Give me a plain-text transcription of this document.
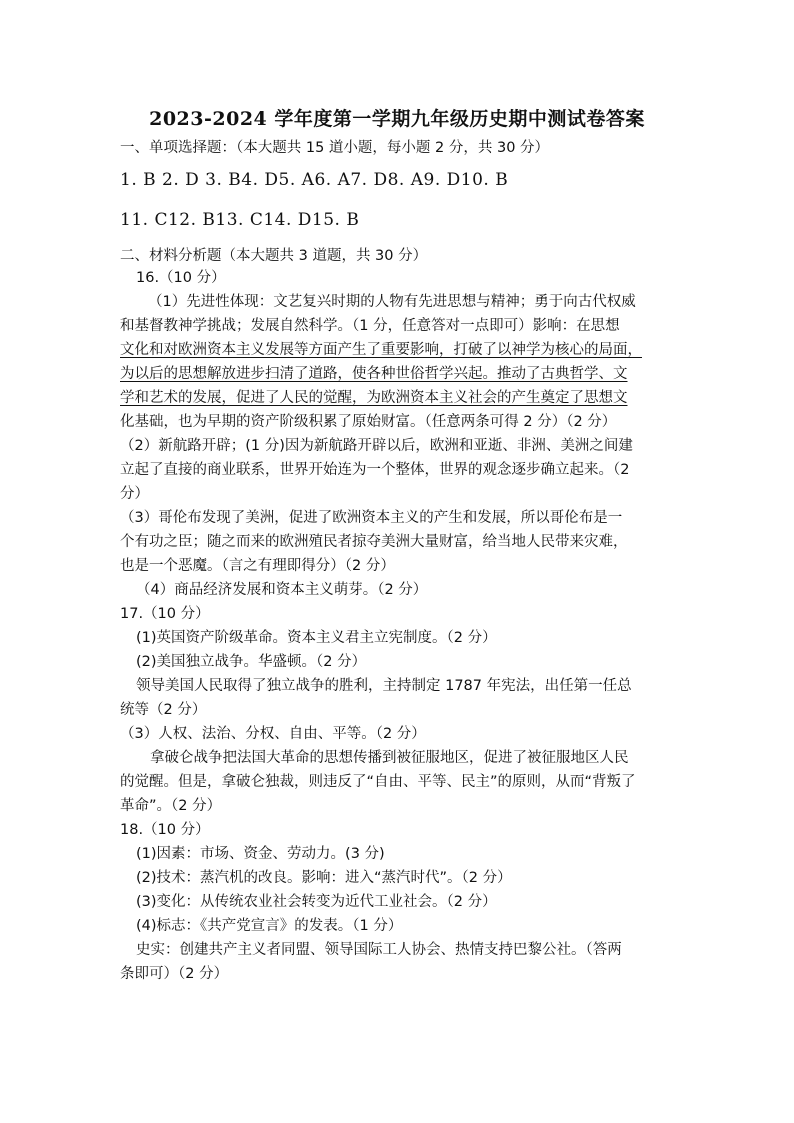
2023-2024 学年度第一学期九年级历史期中测试卷答案
一、单项选择题：（本大题共 15 道小题，每小题 2 分，共 30 分）
1. B 2. D 3. B4. D5. A6. A7. D8. A9. D10. B
11. C12. B13. C14. D15. B
二、材料分析题（本大题共 3 道题，共 30 分）
16.（10 分）
（1）先进性体现：文艺复兴时期的人物有先进思想与精神；勇于向古代权威
和基督教神学挑战；发展自然科学。（1 分，任意答对一点即可）影响：在思想
文化和对欧洲资本主义发展等方面产生了重要影响，打破了以神学为核心的局面，
为以后的思想解放进步扫清了道路，使各种世俗哲学兴起。推动了古典哲学、文
学和艺术的发展，促进了人民的觉醒，为欧洲资本主义社会的产生奠定了思想文
化基础，也为早期的资产阶级积累了原始财富。（任意两条可得 2 分）（2 分）
（2）新航路开辟；(1 分)因为新航路开辟以后，欧洲和亚逝、非洲、美洲之间建
立起了直接的商业联系，世界开始连为一个整体，世界的观念逐步确立起来。（2
分）
（3）哥伦布发现了美洲，促进了欧洲资本主义的产生和发展，所以哥伦布是一
个有功之臣；随之而来的欧洲殖民者掠夺美洲大量财富，给当地人民带来灾难，
也是一个恶魔。（言之有理即得分）（2 分）
（4）商品经济发展和资本主义萌芽。（2 分）
17.（10 分）
(1)英国资产阶级革命。资本主义君主立宪制度。（2 分）
(2)美国独立战争。华盛顿。（2 分）
领导美国人民取得了独立战争的胜利，主持制定 1787 年宪法，出任第一任总
统等（2 分）
（3）人权、法治、分权、自由、平等。（2 分）
拿破仑战争把法国大革命的思想传播到被征服地区，促进了被征服地区人民
的觉醒。但是，拿破仑独裁，则违反了“自由、平等、民主”的原则，从而“背叛了
革命”。（2 分）
18.（10 分）
(1)因素：市场、资金、劳动力。(3 分)
(2)技术：蒸汽机的改良。影响：进入“蒸汽时代”。（2 分）
(3)变化：从传统农业社会转变为近代工业社会。（2 分）
(4)标志：《共产党宣言》的发表。（1 分）
史实：创建共产主义者同盟、领导国际工人协会、热情支持巴黎公社。（答两
条即可）（2 分）
